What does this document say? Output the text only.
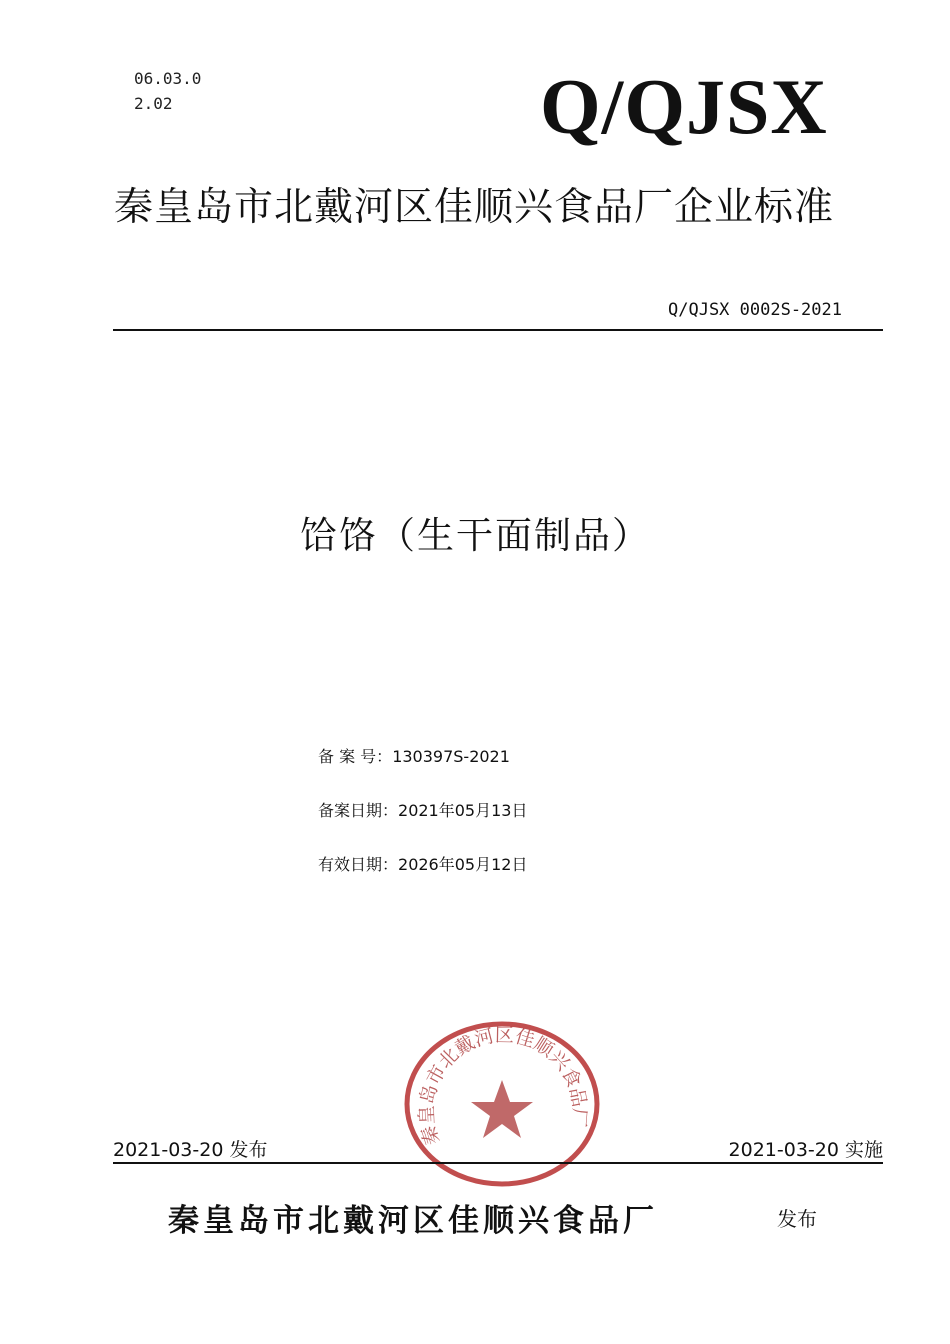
06.03.0
2.02	Q/QJSX
秦皇岛市北戴河区佳顺兴食品厂企业标准
Q/QJSX 0002S-2021
饸饹（生干面制品）
备 案 号：130397S-2021
备案日期：2021年05月13日
有效日期：2026年05月12日
秦皇岛市北戴河区佳顺兴食品厂
2021-03-20 发布	2021-03-20 实施
秦皇岛市北戴河区佳顺兴食品厂	发布
